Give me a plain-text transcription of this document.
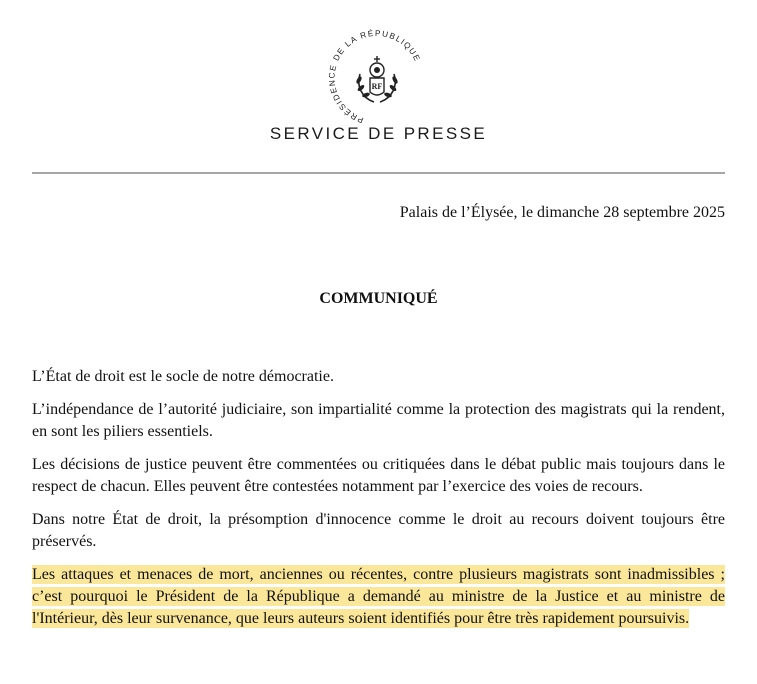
PRÉSIDENCE DE LA RÉPUBLIQUE
RF
SERVICE DE PRESSE
Palais de l’Élysée, le dimanche 28 septembre 2025
COMMUNIQUÉ

L’État de droit est le socle de notre démocratie.

L’indépendance de l’autorité judiciaire, son impartialité comme la protection des magistrats qui la rendent, en sont les piliers essentiels.

Les décisions de justice peuvent être commentées ou critiquées dans le débat public mais toujours dans le respect de chacun. Elles peuvent être contestées notamment par l’exercice des voies de recours.

Dans notre État de droit, la présomption d'innocence comme le droit au recours doivent toujours être préservés.

Les attaques et menaces de mort, anciennes ou récentes, contre plusieurs magistrats sont inadmissibles ; c’est pourquoi le Président de la République a demandé au ministre de la Justice et au ministre de l'Intérieur, dès leur survenance, que leurs auteurs soient identifiés pour être très rapidement poursuivis.
